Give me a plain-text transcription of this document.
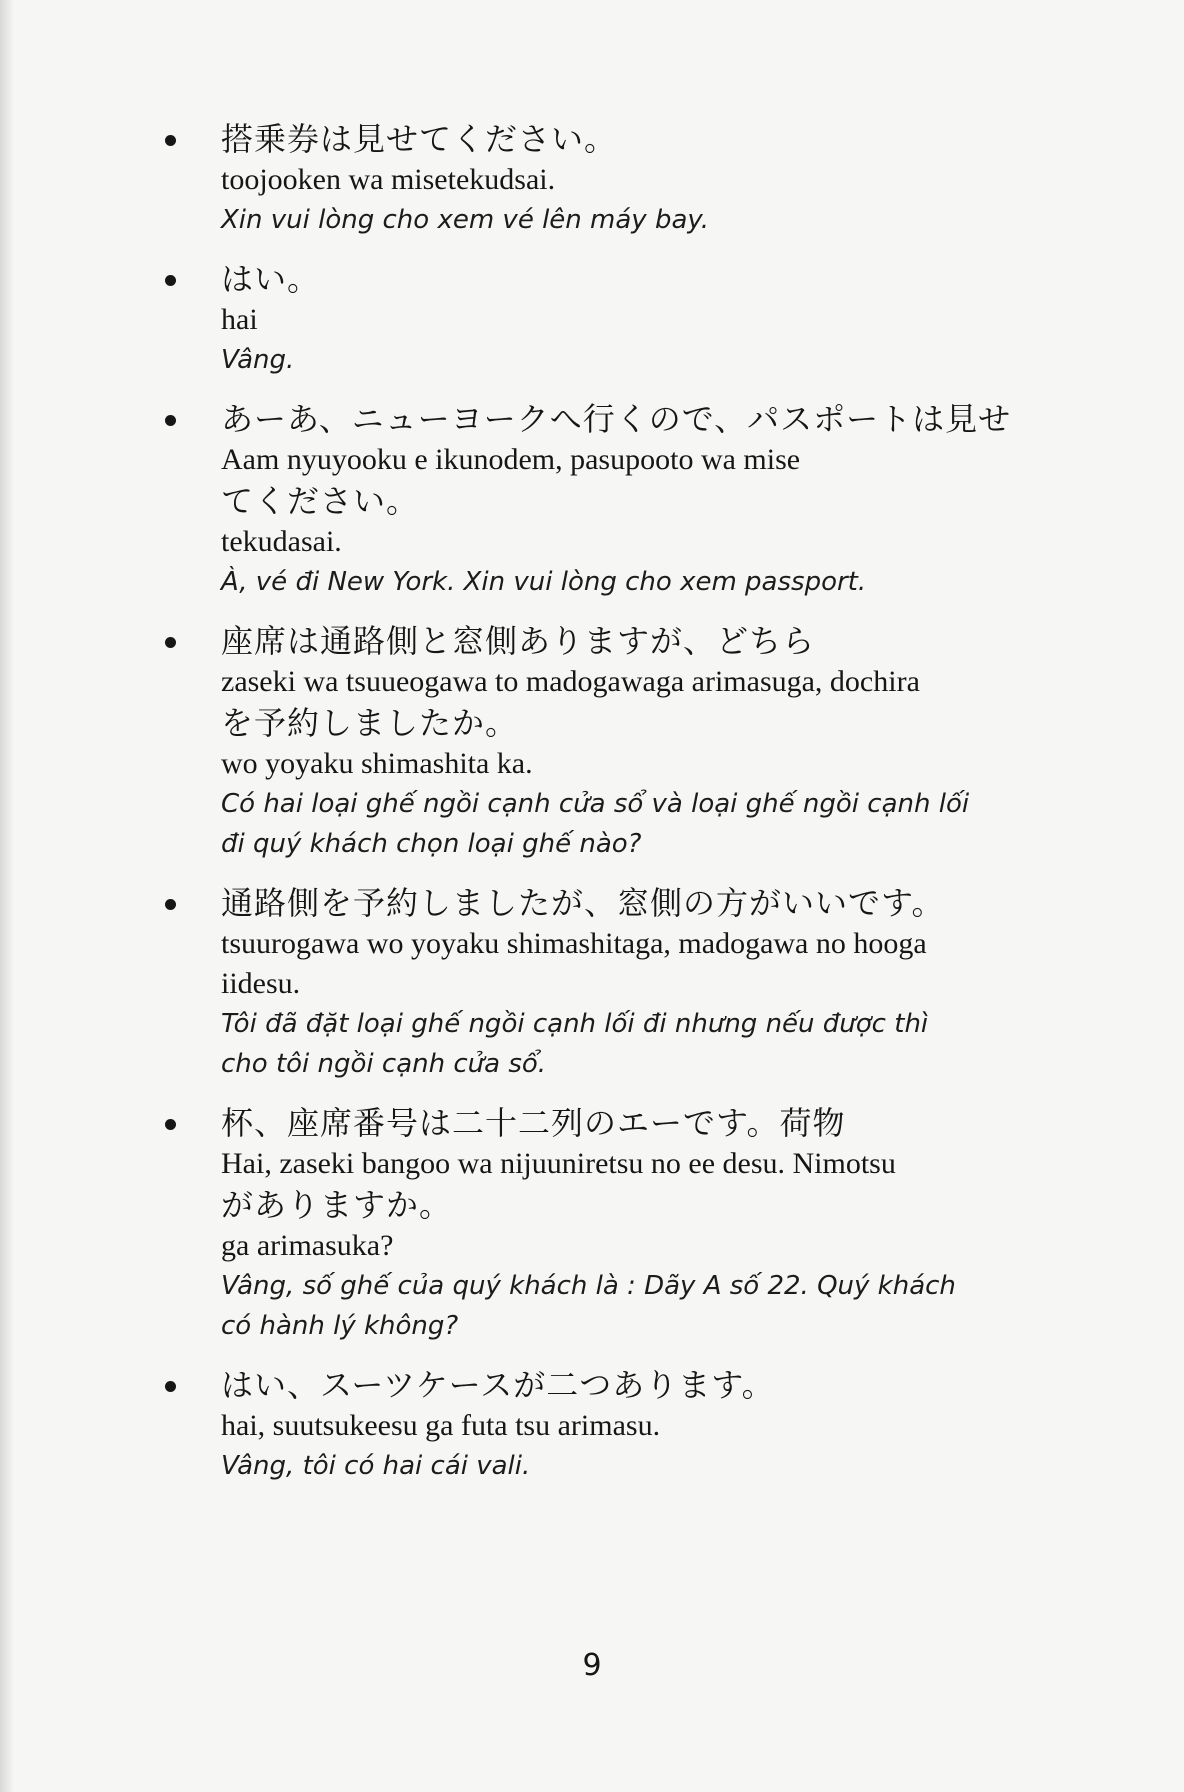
搭乗券は見せてください。
toojooken wa misetekudsai.
Xin vui lòng cho xem vé lên máy bay.
はい。
hai
Vâng.
あーあ、ニューヨークへ行くので、パスポートは見せ
Aam nyuyooku e ikunodem, pasupooto wa mise
てください。
tekudasai.
À, vé đi New York. Xin vui lòng cho xem passport.
座席は通路側と窓側ありますが、どちら
zaseki wa tsuueogawa to madogawaga arimasuga, dochira
を予約しましたか。
wo yoyaku shimashita ka.
Có hai loại ghế ngồi cạnh cửa sổ và loại ghế ngồi cạnh lối
đi quý khách chọn loại ghế nào?
通路側を予約しましたが、窓側の方がいいです。
tsuurogawa wo yoyaku shimashitaga, madogawa no hooga
iidesu.
Tôi đã đặt loại ghế ngồi cạnh lối đi nhưng nếu được thì
cho tôi ngồi cạnh cửa sổ.
杯、座席番号は二十二列のエーです。荷物
Hai, zaseki bangoo wa nijuuniretsu no ee desu. Nimotsu
がありますか。
ga arimasuka?
Vâng, số ghế của quý khách là : Dãy A số 22. Quý khách
có hành lý không?
はい、スーツケースが二つあります。
hai, suutsukeesu ga futa tsu arimasu.
Vâng, tôi có hai cái vali.
9
